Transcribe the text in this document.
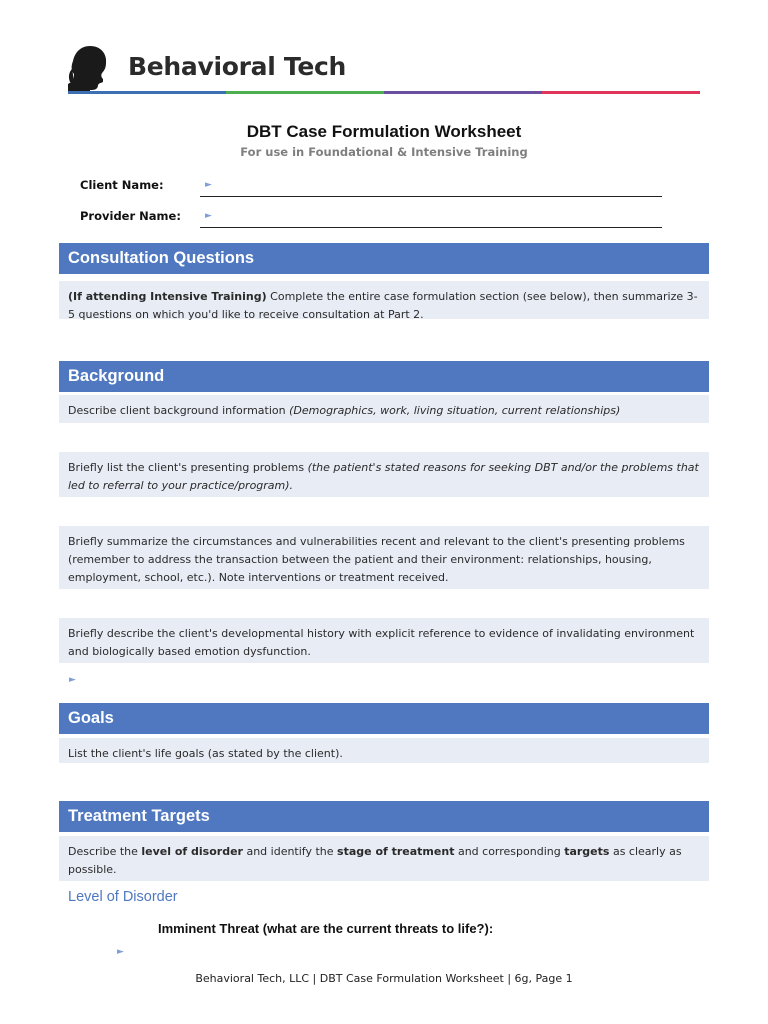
Behavioral Tech
DBT Case Formulation Worksheet
For use in Foundational & Intensive Training
Client Name:	►
Provider Name:	►
Consultation Questions
(If attending Intensive Training) Complete the entire case formulation section (see below), then summarize 3-5 questions on which you'd like to receive consultation at Part 2.
Background
Describe client background information (Demographics, work, living situation, current relationships)
Briefly list the client's presenting problems (the patient's stated reasons for seeking DBT and/or the problems that led to referral to your practice/program).
Briefly summarize the circumstances and vulnerabilities recent and relevant to the client's presenting problems (remember to address the transaction between the patient and their environment: relationships, housing, employment, school, etc.). Note interventions or treatment received.
Briefly describe the client's developmental history with explicit reference to evidence of invalidating environment and biologically based emotion dysfunction.
►
Goals
List the client's life goals (as stated by the client).
Treatment Targets
Describe the level of disorder and identify the stage of treatment and corresponding targets as clearly as possible.
Level of Disorder
Imminent Threat (what are the current threats to life?):
►
Behavioral Tech, LLC | DBT Case Formulation Worksheet | 6g, Page 1
